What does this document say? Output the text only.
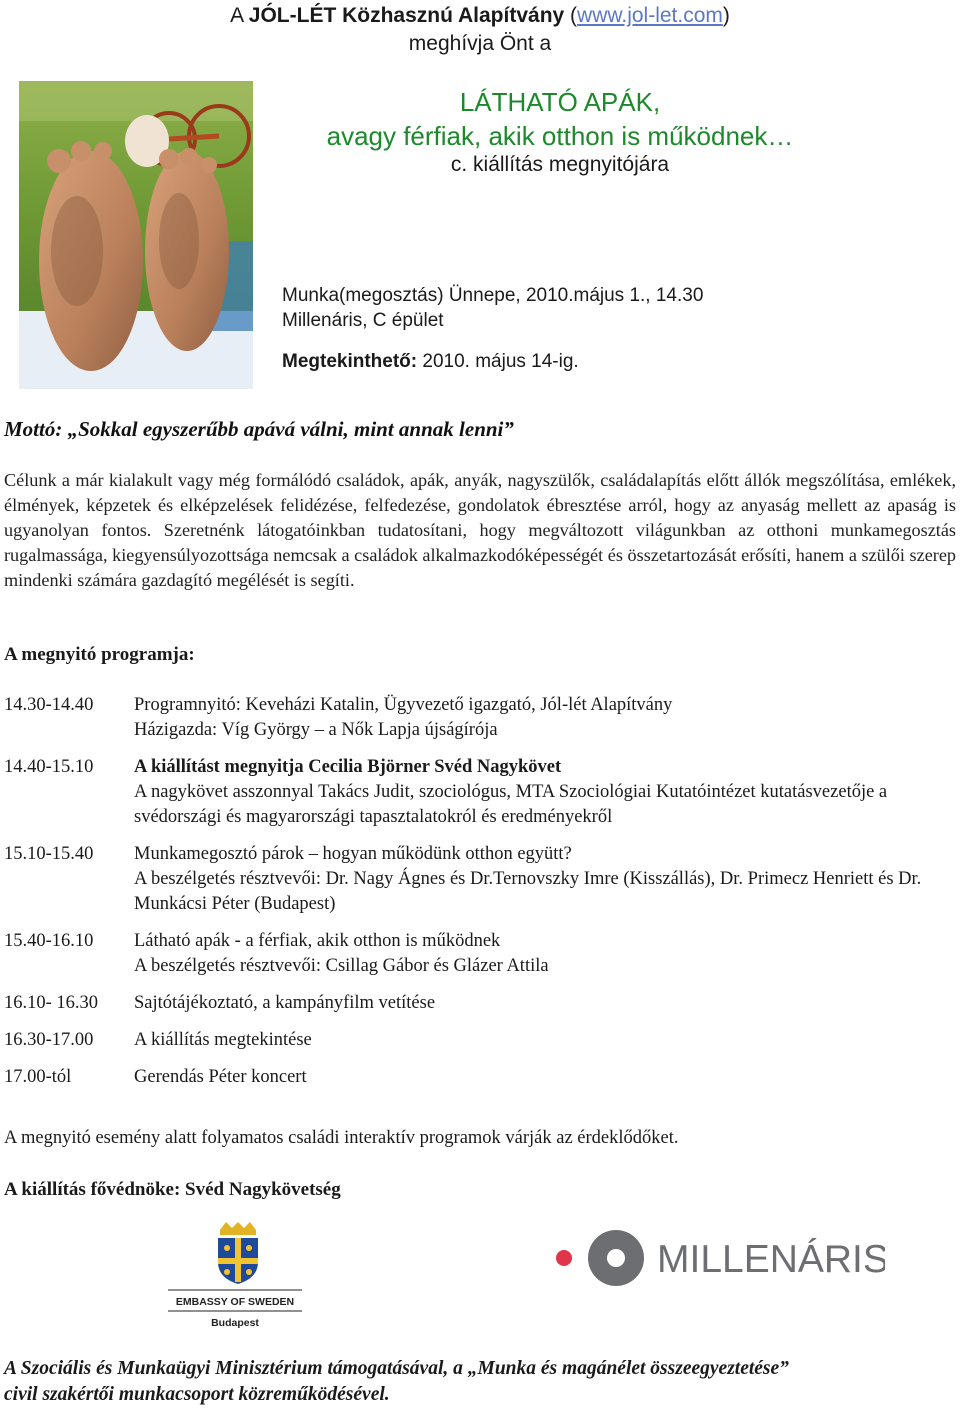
A JÓL-LÉT Közhasznú Alapítvány (www.jol-let.com)
meghívja Önt a
LÁTHATÓ APÁK,
avagy férfiak, akik otthon is működnek…
c. kiállítás megnyitójára
Munka(megosztás) Ünnepe, 2010.május 1., 14.30
Millenáris, C épület
Megtekinthető: 2010. május 14-ig.
Mottó: „Sokkal egyszerűbb apává válni, mint annak lenni”
Célunk a már kialakult vagy még formálódó családok, apák, anyák, nagyszülők, családalapítás előtt állók megszólítása, emlékek, élmények, képzetek és elképzelések felidézése, felfedezése, gondolatok ébresztése arról, hogy az anyaság mellett az apaság is ugyanolyan fontos. Szeretnénk látogatóinkban tudatosítani, hogy megváltozott világunkban az otthoni munkamegosztás rugalmassága, kiegyensúlyozottsága nemcsak a családok alkalmazkodóképességét és összetartozását erősíti, hanem a szülői szerep mindenki számára gazdagító megélését is segíti.
A megnyitó programja:
14.30-14.40	Programnyitó: Keveházi Katalin, Ügyvezető igazgató, Jól-lét Alapítvány
Házigazda: Víg György – a Nők Lapja újságírója
14.40-15.10	A kiállítást megnyitja Cecilia Björner Svéd Nagykövet
A nagykövet asszonnyal Takács Judit, szociológus, MTA Szociológiai Kutatóintézet kutatásvezetője a svédországi és magyarországi tapasztalatokról és eredményekről
15.10-15.40	Munkamegosztó párok – hogyan működünk otthon együtt?
A beszélgetés résztvevői: Dr. Nagy Ágnes és Dr.Ternovszky Imre (Kisszállás), Dr. Primecz Henriett és Dr. Munkácsi Péter (Budapest)
15.40-16.10	Látható apák - a férfiak, akik otthon is működnek
A beszélgetés résztvevői: Csillag Gábor és Glázer Attila
16.10- 16.30	Sajtótájékoztató, a kampányfilm vetítése
16.30-17.00	A kiállítás megtekintése
17.00-tól	Gerendás Péter koncert
A megnyitó esemény alatt folyamatos családi interaktív programok várják az érdeklődőket.
A kiállítás fővédnöke: Svéd Nagykövetség
EMBASSY OF SWEDEN
Budapest
MILLENÁRIS
A Szociális és Munkaügyi Minisztérium támogatásával, a „Munka és magánélet összeegyeztetése”
civil szakértői munkacsoport közreműködésével.
